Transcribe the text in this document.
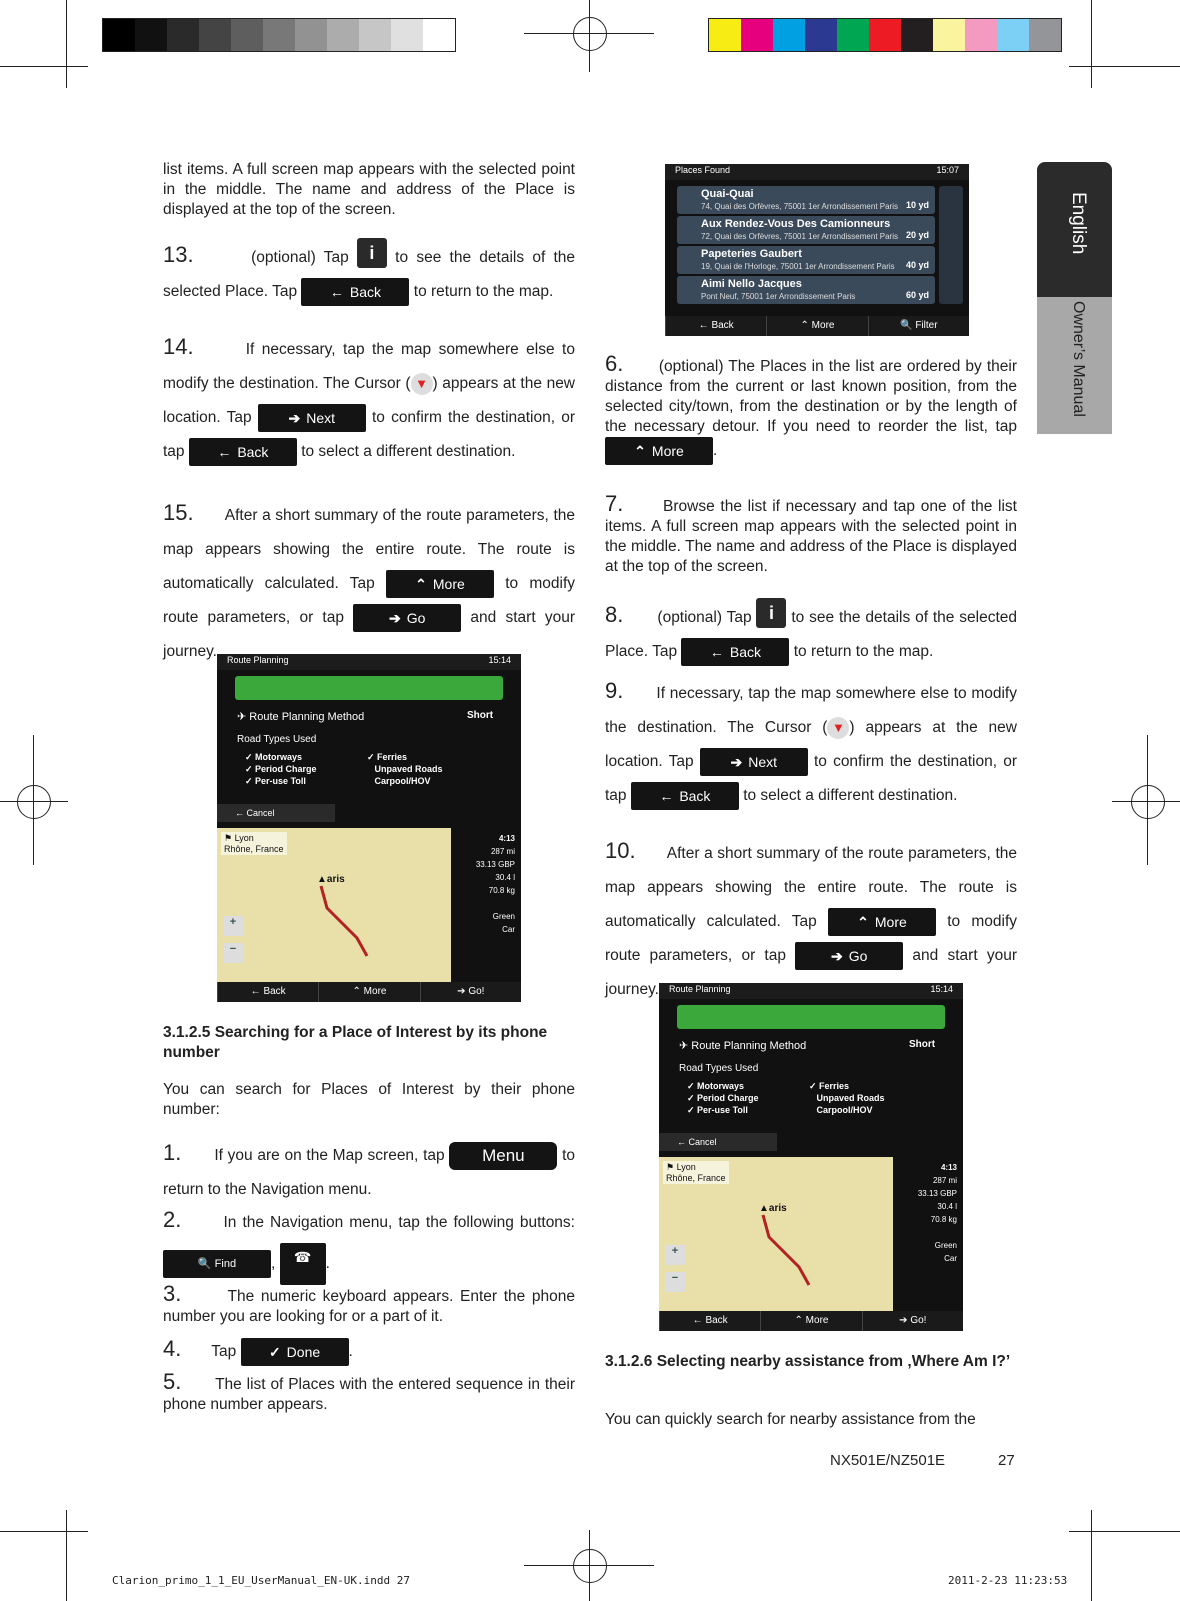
English
Owner’s Manual
list items. A full screen map appears with the selected point in the middle. The name and address of the Place is displayed at the top of the screen.
13.	(optional) Tap i to see the details of the selected Place. Tap ← Back to return to the map.
14.	If necessary, tap the map somewhere else to modify the destination. The Cursor ( ▼ ) appears at the new location. Tap	➔ Next to confirm the destination, or tap ← Back to select a different destination.
15. After a short summary of the route parameters, the map appears showing the entire route. The route is automatically calculated. Tap	⌃ More	to modify route parameters, or tap	➔ Go	and start your journey.	Route Planning	15:14
✈ Route Planning Method	Short
Road Types Used
✓ Motorways
✓ Period Charge
✓ Per-use Toll
✓ Ferries
Unpaved Roads
Carpool/HOV
← Cancel
⚑ Lyon
Rhône, France
▲aris
+
−
4:13
287 mi
33.13 GBP
30.4 l
70.8 kg

Green
Car
← Back	⌃ More	➔ Go!
3.1.2.5 Searching for a Place of Interest by its phone number
You can search for Places of Interest by their phone number:
1. If you are on the Map screen, tap Menu to return to the Navigation menu.
2.	In the Navigation menu, tap the following buttons: 🔍 Find , ☎ .
3.	The numeric keyboard appears. Enter the phone number you are looking for or a part of it.
4. Tap ✓ Done .
5. The list of Places with the entered sequence in their phone number appears.
Places Found	15:07
Quai-Quai
74, Quai des Orfèvres, 75001 1er Arrondissement Paris 10 yd
Aux Rendez-Vous Des Camionneurs
72, Quai des Orfèvres, 75001 1er Arrondissement Paris 20 yd
Papeteries Gaubert
19, Quai de l'Horloge, 75001 1er Arrondissement Paris 40 yd
Aimi Nello Jacques
Pont Neuf, 75001 1er Arrondissement Paris	60 yd
← Back	⌃ More	🔍 Filter
6. (optional) The Places in the list are ordered by their distance from the current or last known position, from the selected city/town, from the destination or by the length of the necessary detour. If you need to reorder the list, tap ⌃ More .
7.	Browse the list if necessary and tap one of the list items. A full screen map appears with the selected point in the middle. The name and address of the Place is displayed at the top of the screen.
8. (optional) Tap i to see the details of the selected Place. Tap ← Back to return to the map.
9. If necessary, tap the map somewhere else to modify the destination. The Cursor ( ▼ ) appears at the new location. Tap	➔ Next to confirm the destination, or tap ← Back to select a different destination.
10. After a short summary of the route parameters, the map appears showing the entire route. The route is automatically calculated. Tap	⌃ More	to modify route parameters, or tap	➔ Go	and start your journey.	Route Planning	15:14
✈ Route Planning Method	Short
Road Types Used
✓ Motorways
✓ Period Charge
✓ Per-use Toll
✓ Ferries
Unpaved Roads
Carpool/HOV
← Cancel
⚑ Lyon
Rhône, France
▲aris
+
−
4:13
287 mi
33.13 GBP
30.4 l
70.8 kg

Green
Car
← Back	⌃ More	➔ Go!
3.1.2.6 Selecting nearby assistance from ‚Where Am I?’
You can quickly search for nearby assistance from the
NX501E/NZ501E	27
Clarion_primo_1_1_EU_UserManual_EN-UK.indd 27	2011-2-23 11:23:53
